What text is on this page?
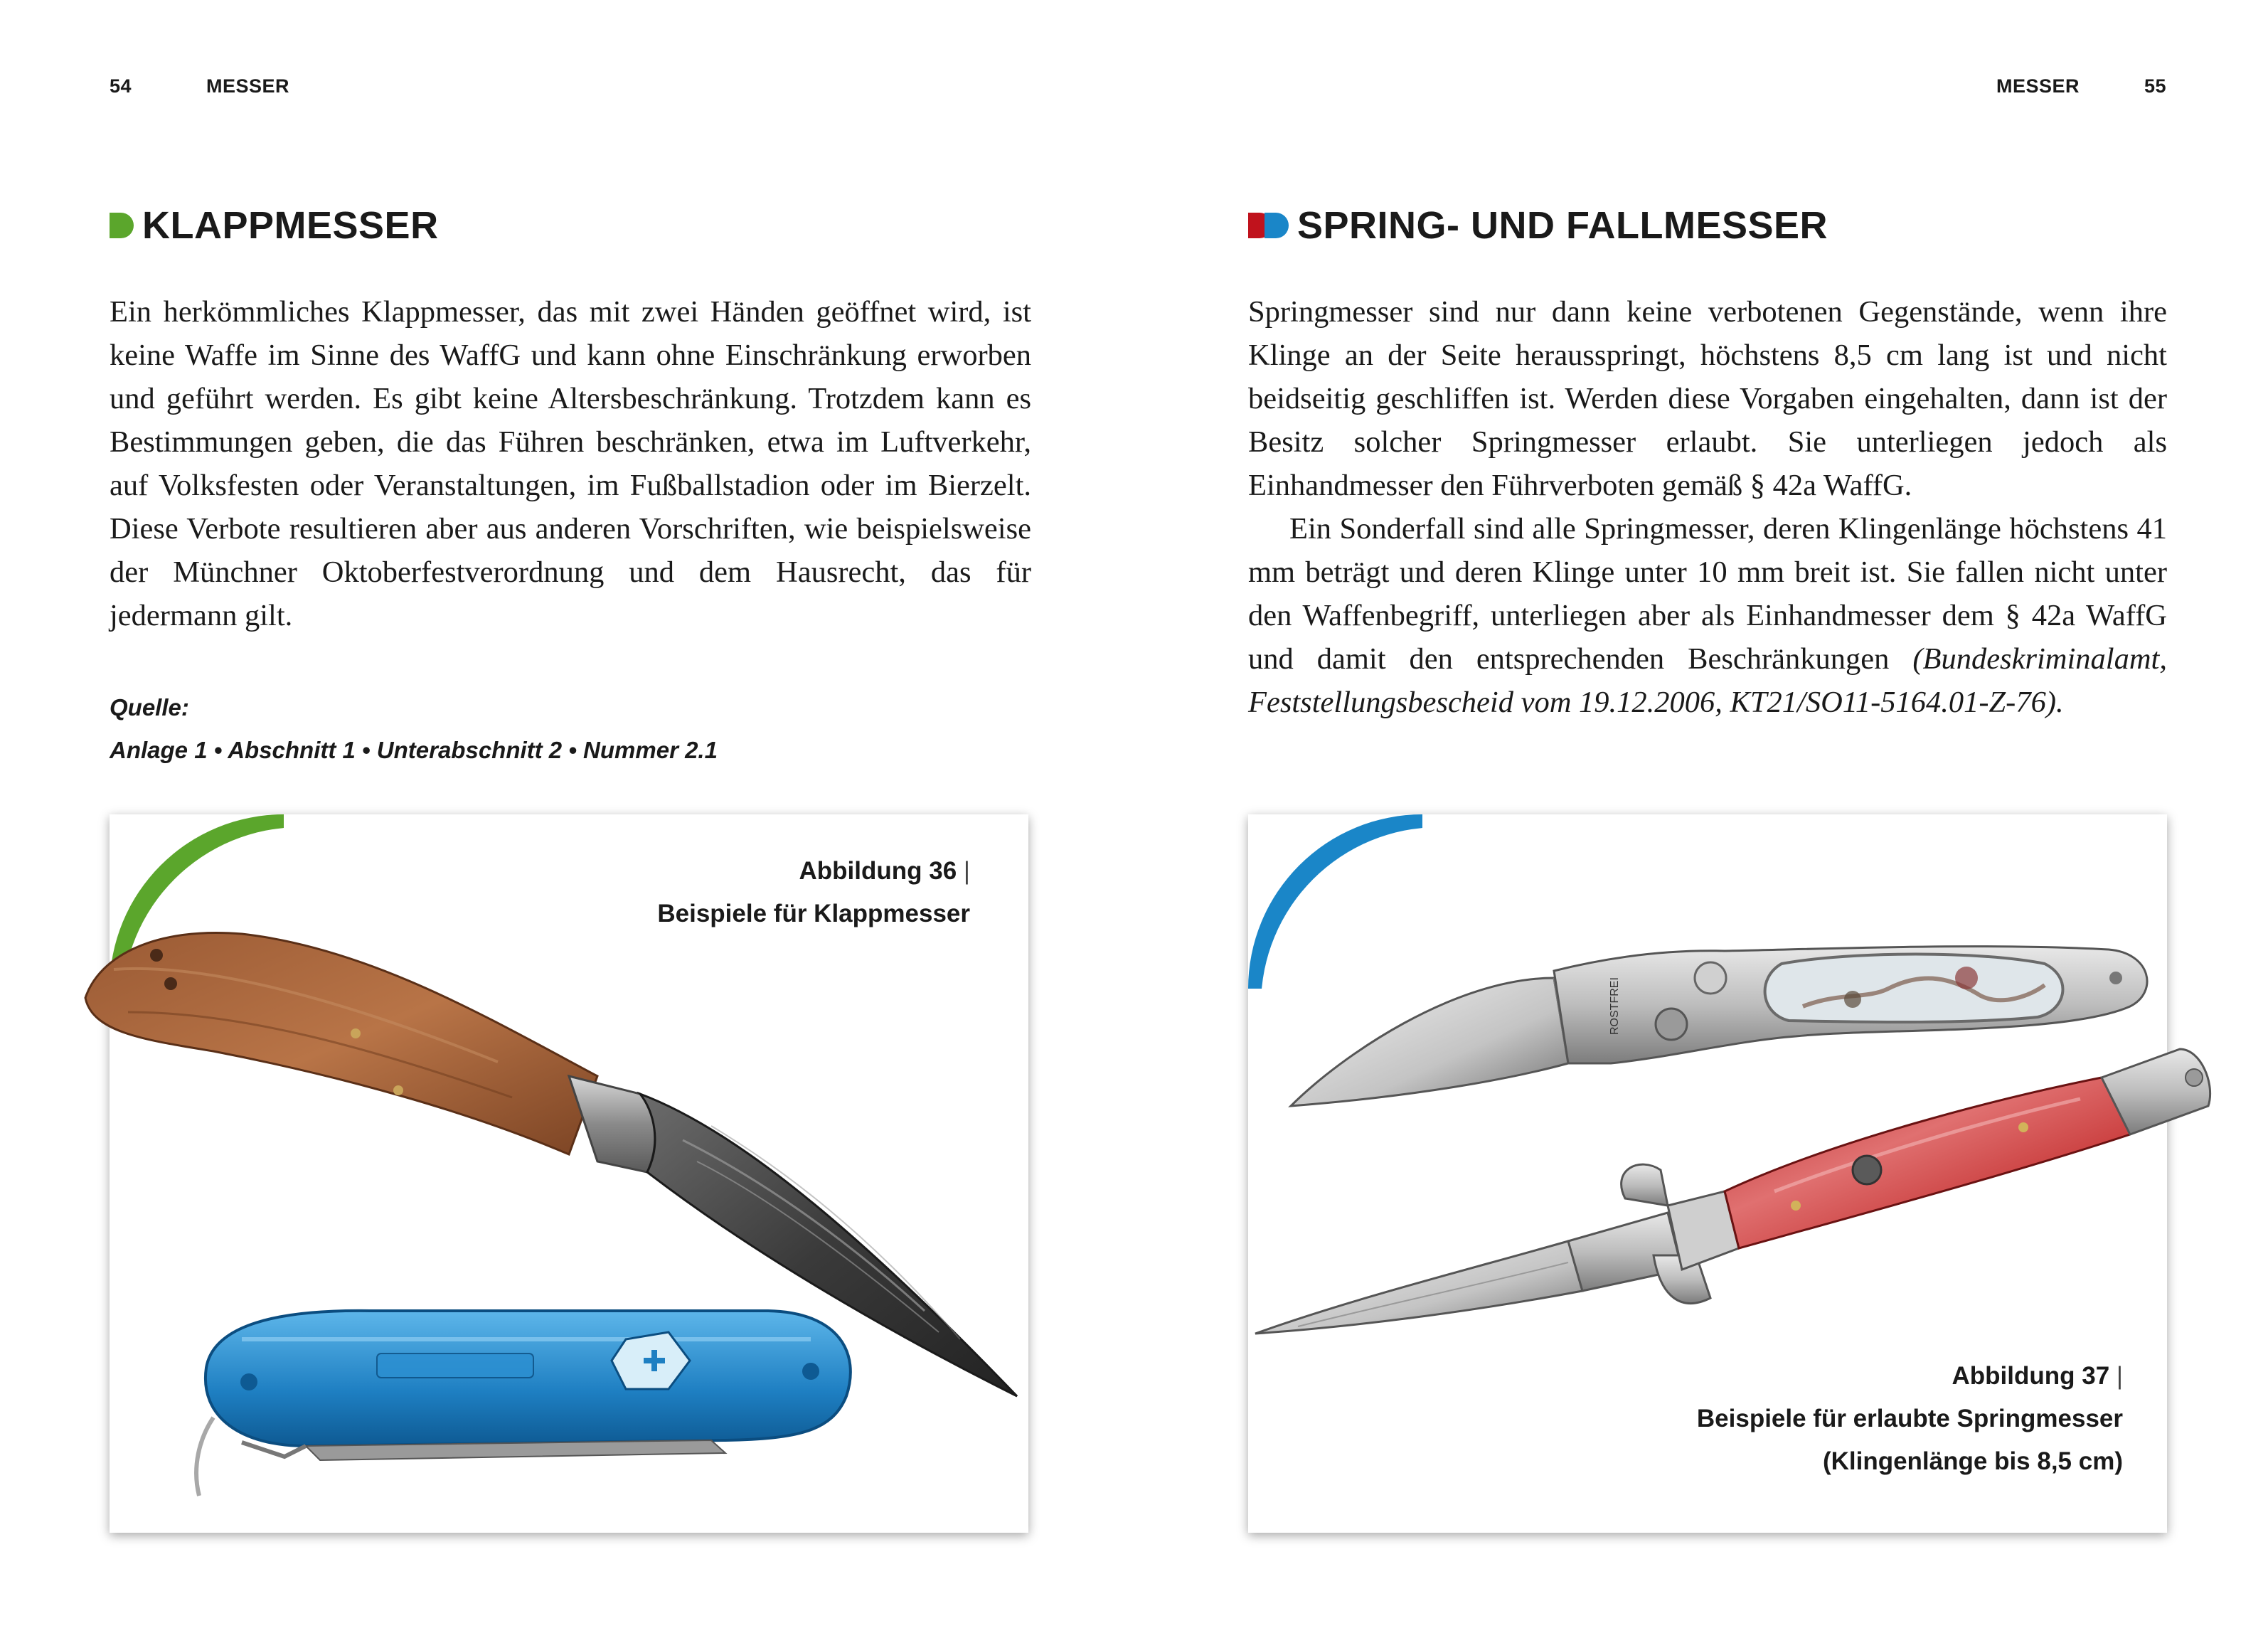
54	MESSER
KLAPPMESSER

Ein herkömmliches Klappmesser, das mit zwei Händen geöffnet wird, ist keine Waffe im Sinne des WaffG und kann ohne Einschränkung erworben und geführt werden. Es gibt keine Altersbeschränkung. Trotzdem kann es Bestimmungen geben, die das Führen beschränken, etwa im Luftverkehr, auf Volksfesten oder Veranstaltungen, im Fußballstadion oder im Bierzelt. Diese Verbote resultieren aber aus anderen Vorschriften, wie beispielsweise der Münchner Oktoberfestverordnung und dem Hausrecht, das für jedermann gilt.

Quelle:
Anlage 1 • Abschnitt 1 • Unterabschnitt 2 • Nummer 2.1
Abbildung 36 |
Beispiele für Klappmesser
MESSER	55
SPRING- UND FALLMESSER

Springmesser sind nur dann keine verbotenen Gegenstände, wenn ihre Klinge an der Seite herausspringt, höchstens 8,5 cm lang ist und nicht beidseitig geschliffen ist. Werden diese Vorgaben eingehalten, dann ist der Besitz solcher Springmesser erlaubt. Sie unterliegen jedoch als Einhandmesser den Führverboten gemäß § 42a WaffG.

Ein Sonderfall sind alle Springmesser, deren Klingenlänge höchstens 41 mm beträgt und deren Klinge unter 10 mm breit ist. Sie fallen nicht unter den Waffenbegriff, unterliegen aber als Einhandmesser dem § 42a WaffG und damit den entsprechenden Beschränkungen (Bundeskriminalamt, Feststellungsbescheid vom 19.12.2006, KT21/SO11-5164.01-Z-76).

ROSTFREI
Abbildung 37 |
Beispiele für erlaubte Springmesser
(Klingenlänge bis 8,5 cm)
